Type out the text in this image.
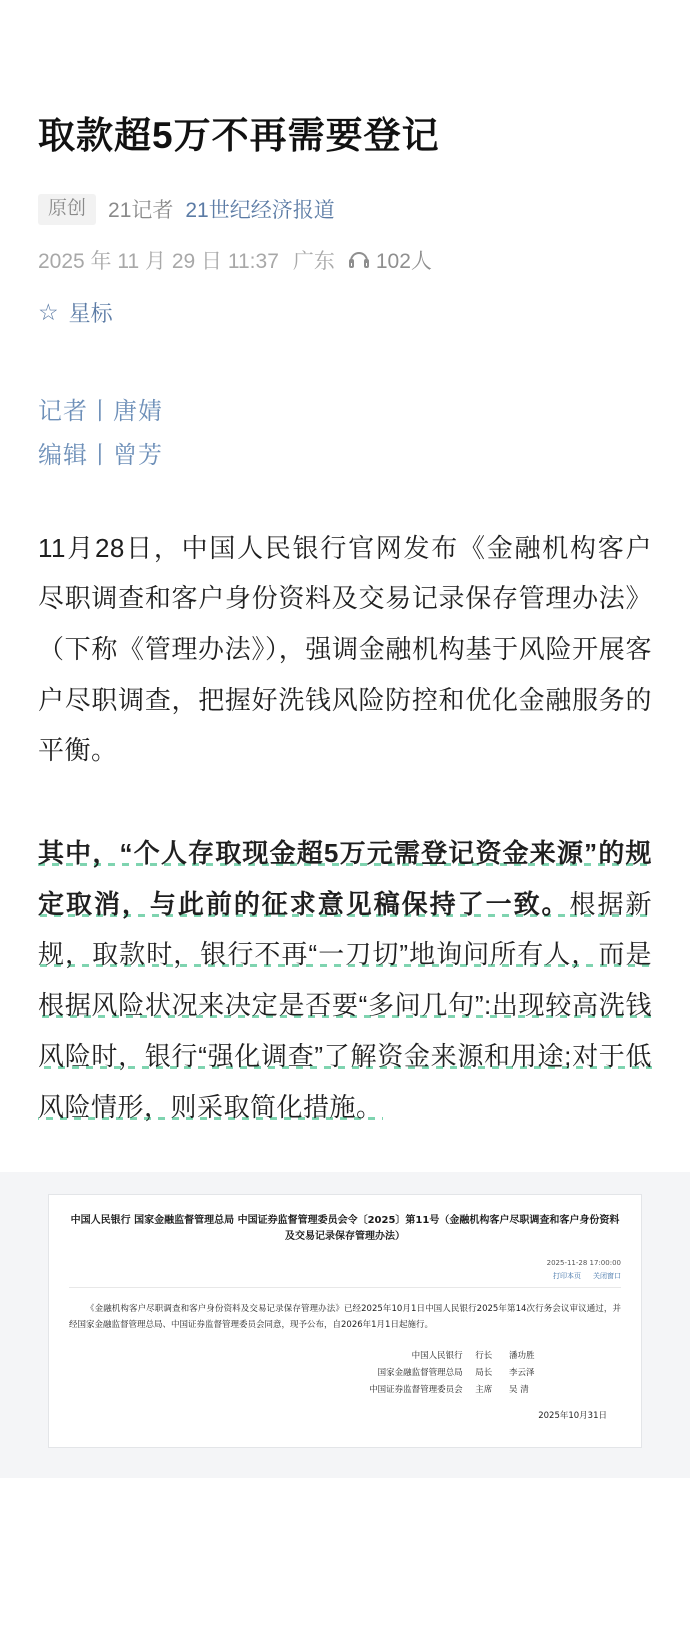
取款超5万不再需要登记
原创	21记者 21世纪经济报道
2025 年 11 月 29 日 11:37 广东 102人
☆ 星标
记者丨唐婧
编辑丨曾芳

11月28日，中国人民银行官网发布《金融机构客户尽职调查和客户身份资料及交易记录保存管理办法》（下称《管理办法》），强调金融机构基于风险开展客户尽职调查，把握好洗钱风险防控和优化金融服务的平衡。

其中，“个人存取现金超5万元需登记资金来源”的规定取消，与此前的征求意见稿保持了一致。根据新规，取款时，银行不再“一刀切”地询问所有人，而是根据风险状况来决定是否要“多问几句”:出现较高洗钱风险时，银行“强化调查”了解资金来源和用途;对于低风险情形，则采取简化措施。

中国人民银行 国家金融监督管理总局 中国证券监督管理委员会令〔2025〕第11号（金融机构客户尽职调查和客户身份资料及交易记录保存管理办法）
2025-11-28 17:00:00
打印本页 关闭窗口
《金融机构客户尽职调查和客户身份资料及交易记录保存管理办法》已经2025年10月1日中国人民银行2025年第14次行务会议审议通过，并经国家金融监督管理总局、中国证券监督管理委员会同意，现予公布，自2026年1月1日起施行。
中国人民银行 行长 潘功胜
国家金融监督管理总局 局长 李云泽
中国证券监督管理委员会 主席 吴 清
2025年10月31日
